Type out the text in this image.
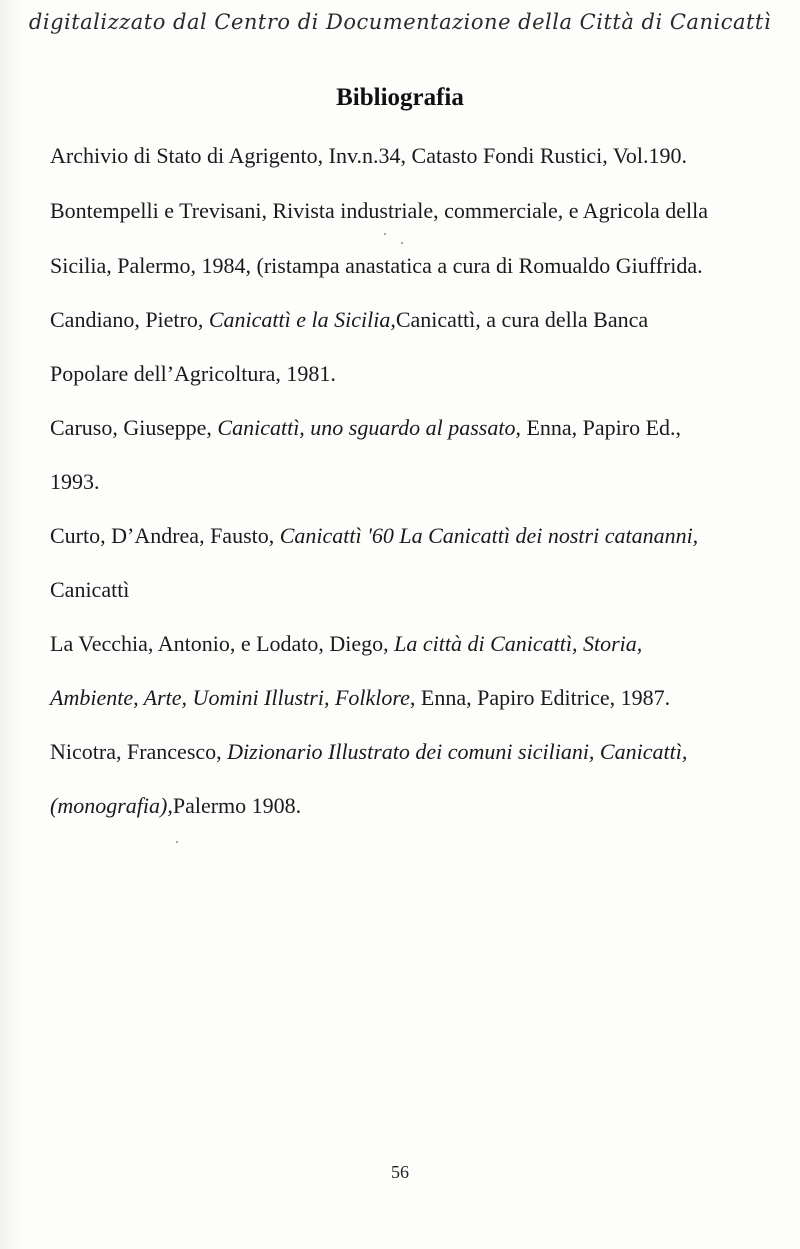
digitalizzato dal Centro di Documentazione della Città di Canicattì
Bibliografia
Archivio di Stato di Agrigento, Inv.n.34, Catasto Fondi Rustici, Vol.190.
Bontempelli e Trevisani, Rivista industriale, commerciale, e Agricola della
Sicilia, Palermo, 1984, (ristampa anastatica a cura di Romualdo Giuffrida.
Candiano, Pietro, Canicattì e la Sicilia,Canicattì, a cura della Banca
Popolare dell’Agricoltura, 1981.
Caruso, Giuseppe, Canicattì, uno sguardo al passato, Enna, Papiro Ed.,
1993.
Curto, D’Andrea, Fausto, Canicattì '60 La Canicattì dei nostri catananni,
Canicattì
La Vecchia, Antonio, e Lodato, Diego, La città di Canicattì, Storia,
Ambiente, Arte, Uomini Illustri, Folklore, Enna, Papiro Editrice, 1987.
Nicotra, Francesco, Dizionario Illustrato dei comuni siciliani, Canicattì,
(monografia),Palermo 1908.
56
